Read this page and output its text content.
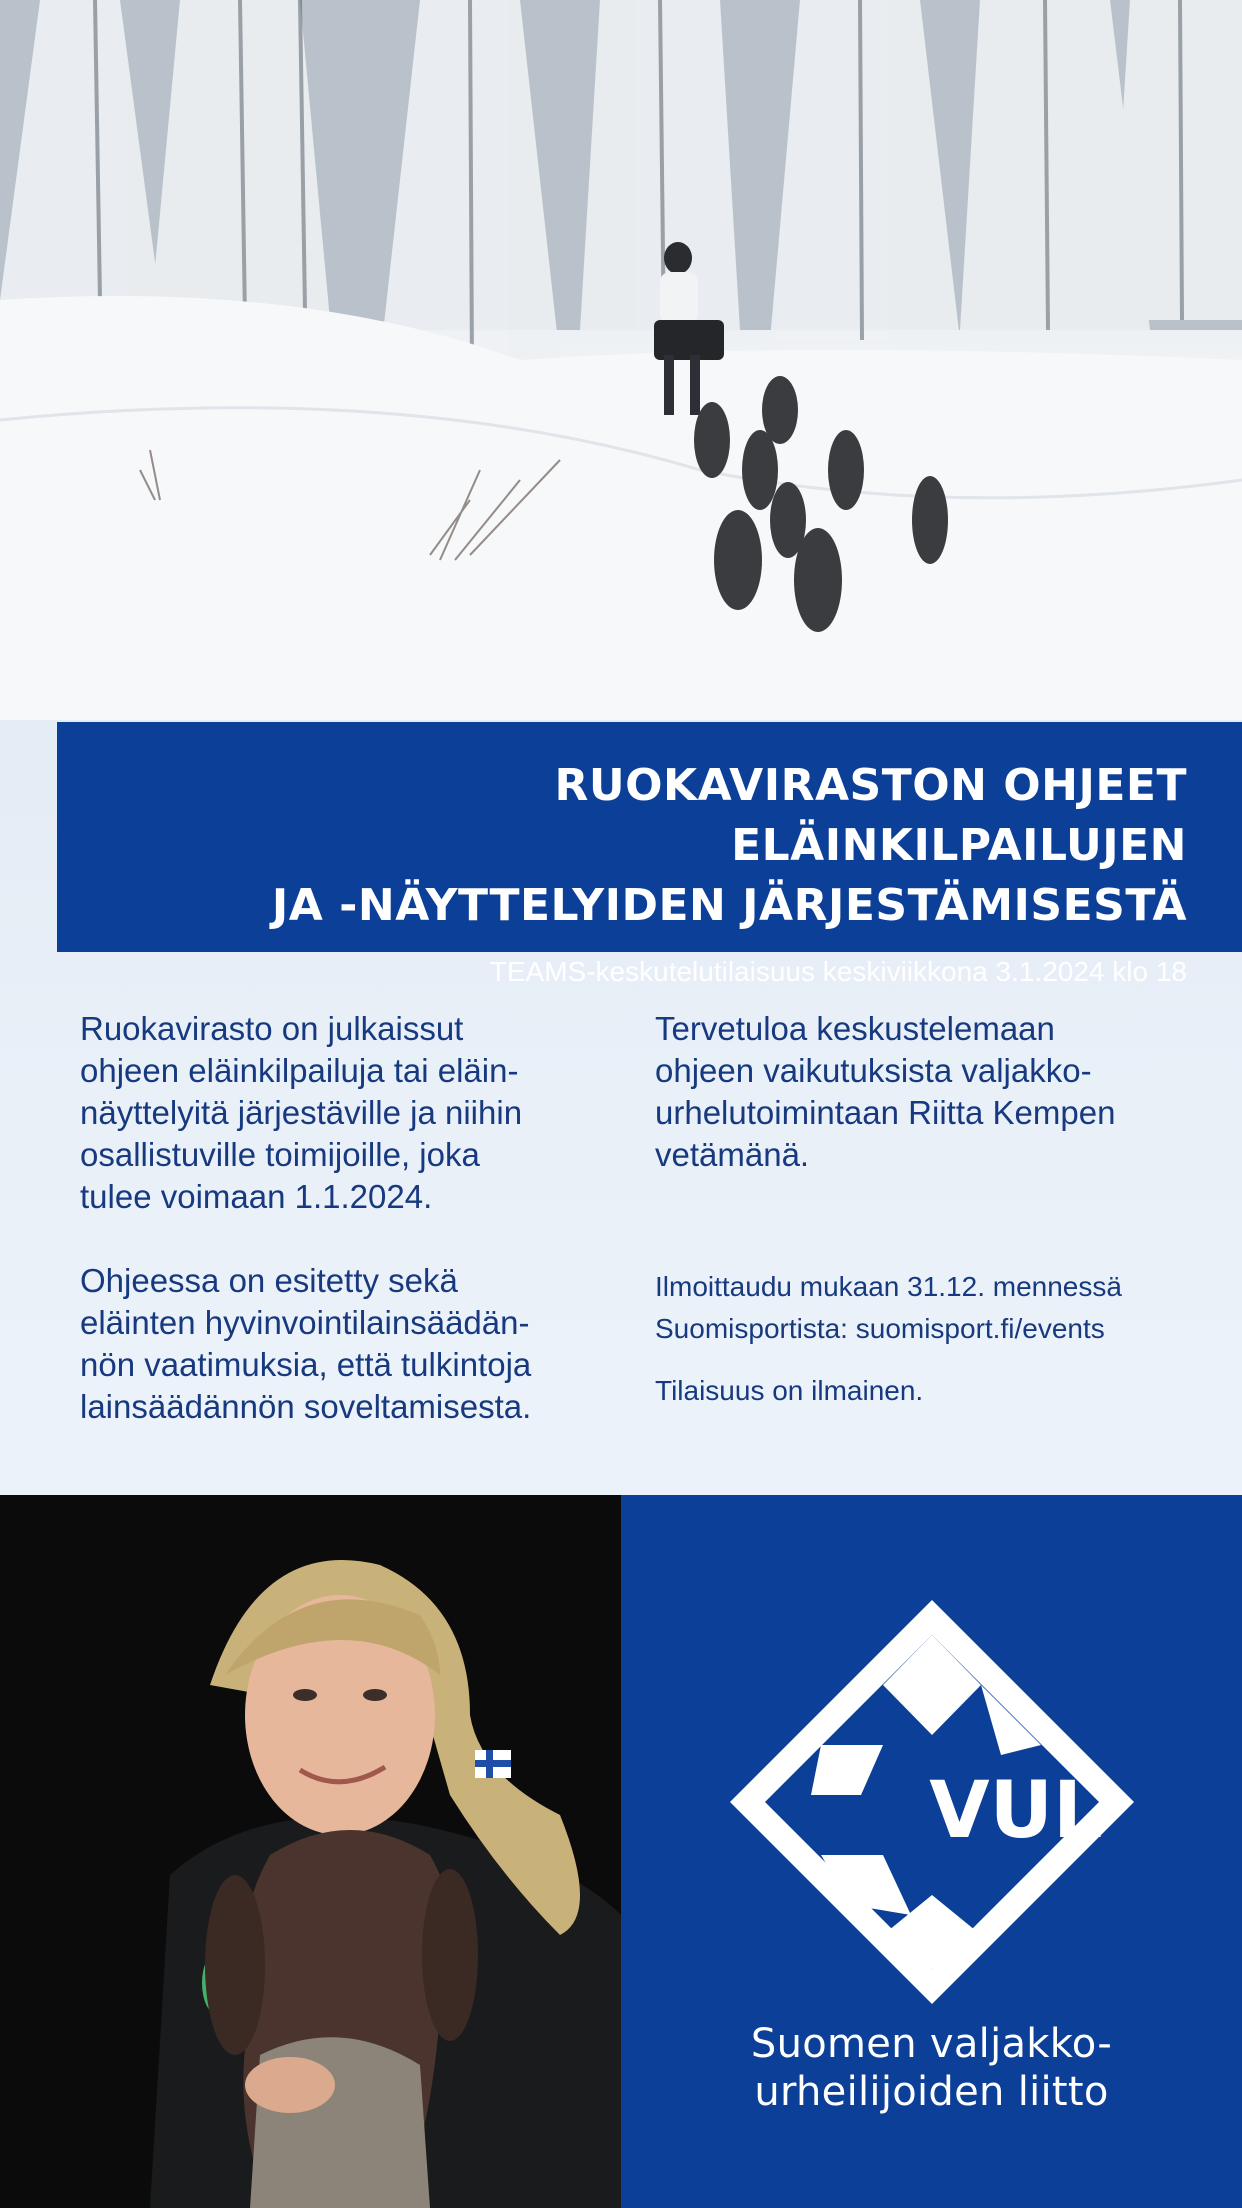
RUOKAVIRASTON OHJEET ELÄINKILPAILUJEN
JA -NÄYTTELYIDEN JÄRJESTÄMISESTÄ
TEAMS-keskutelutilaisuus keskiviikkona 3.1.2024 klo 18
Ruokavirasto on julkaissut
ohjeen eläinkilpailuja tai eläin-
näyttelyitä järjestäville ja niihin
osallistuville toimijoille, joka
tulee voimaan 1.1.2024.
Ohjeessa on esitetty sekä
eläinten hyvinvointilainsäädän-
nön vaatimuksia, että tulkintoja
lainsäädännön soveltamisesta.
Tervetuloa keskustelemaan
ohjeen vaikutuksista valjakko-
urhelutoimintaan Riitta Kempen
vetämänä.
Ilmoittaudu mukaan 31.12. mennessä
Suomisportista: suomisport.fi/events
Tilaisuus on ilmainen.
VUL
Suomen valjakko-
urheilijoiden liitto
